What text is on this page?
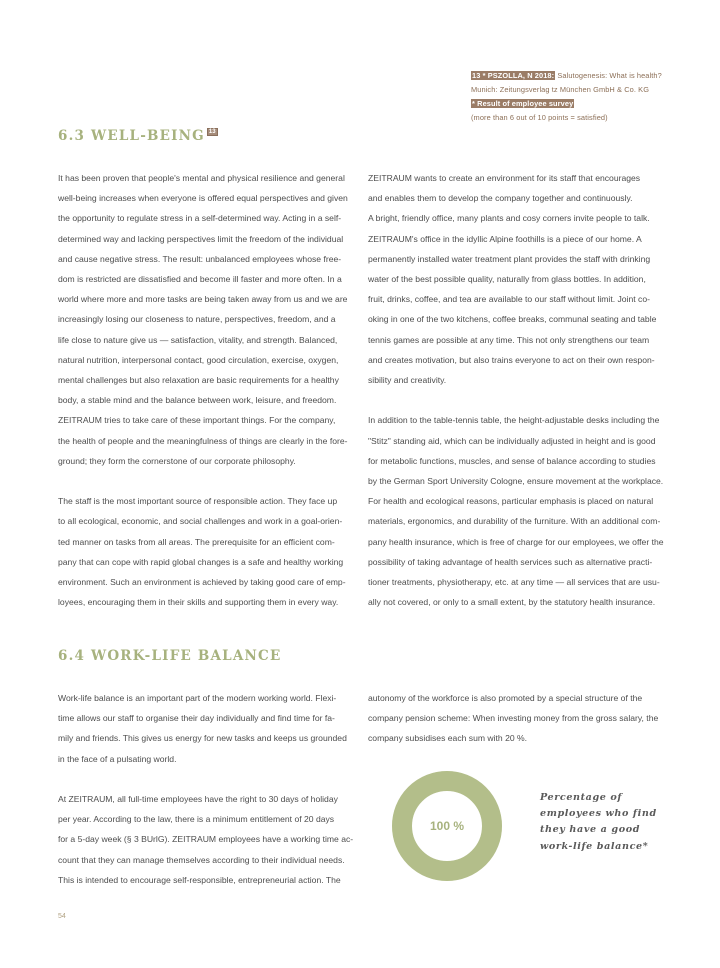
13 * PSZOLLA, N 2018: Salutogenesis: What is health?
Munich: Zeitungsverlag tz München GmbH & Co. KG
* Result of employee survey
(more than 6 out of 10 points = satisfied)
6.3 WELL-BEING $^{13}$

It has been proven that people's mental and physical resilience and general

well-being increases when everyone is offered equal perspectives and given

the opportunity to regulate stress in a self-determined way. Acting in a self-

determined way and lacking perspectives limit the freedom of the individual

and cause negative stress. The result: unbalanced employees whose free-

dom is restricted are dissatisfied and become ill faster and more often. In a

world where more and more tasks are being taken away from us and we are

increasingly losing our closeness to nature, perspectives, freedom, and a

life close to nature give us — satisfaction, vitality, and strength. Balanced,

natural nutrition, interpersonal contact, good circulation, exercise, oxygen,

mental challenges but also relaxation are basic requirements for a healthy

body, a stable mind and the balance between work, leisure, and freedom.

ZEITRAUM tries to take care of these important things. For the company,

the health of people and the meaningfulness of things are clearly in the fore-

ground; they form the cornerstone of our corporate philosophy.

The staff is the most important source of responsible action. They face up

to all ecological, economic, and social challenges and work in a goal-orien-

ted manner on tasks from all areas. The prerequisite for an efficient com-

pany that can cope with rapid global changes is a safe and healthy working

environment. Such an environment is achieved by taking good care of emp-

loyees, encouraging them in their skills and supporting them in every way.

ZEITRAUM wants to create an environment for its staff that encourages

and enables them to develop the company together and continuously.

A bright, friendly office, many plants and cosy corners invite people to talk.

ZEITRAUM's office in the idyllic Alpine foothills is a piece of our home. A

permanently installed water treatment plant provides the staff with drinking

water of the best possible quality, naturally from glass bottles. In addition,

fruit, drinks, coffee, and tea are available to our staff without limit. Joint co-

oking in one of the two kitchens, coffee breaks, communal seating and table

tennis games are possible at any time. This not only strengthens our team

and creates motivation, but also trains everyone to act on their own respon-

sibility and creativity.

In addition to the table-tennis table, the height-adjustable desks including the

"Stitz" standing aid, which can be individually adjusted in height and is good

for metabolic functions, muscles, and sense of balance according to studies

by the German Sport University Cologne, ensure movement at the workplace.

For health and ecological reasons, particular emphasis is placed on natural

materials, ergonomics, and durability of the furniture. With an additional com-

pany health insurance, which is free of charge for our employees, we offer the

possibility of taking advantage of health services such as alternative practi-

tioner treatments, physiotherapy, etc. at any time — all services that are usu-

ally not covered, or only to a small extent, by the statutory health insurance.

6.4 WORK-LIFE BALANCE

Work-life balance is an important part of the modern working world. Flexi-

time allows our staff to organise their day individually and find time for fa-

mily and friends. This gives us energy for new tasks and keeps us grounded

in the face of a pulsating world.

At ZEITRAUM, all full-time employees have the right to 30 days of holiday

per year. According to the law, there is a minimum entitlement of 20 days

for a 5-day week (§ 3 BUrlG). ZEITRAUM employees have a working time ac-

count that they can manage themselves according to their individual needs.

This is intended to encourage self-responsible, entrepreneurial action. The

autonomy of the workforce is also promoted by a special structure of the

company pension scheme: When investing money from the gross salary, the

company subsidises each sum with 20 %.

100 %
Percentage of
employees who find
they have a good
work-life balance*
54
